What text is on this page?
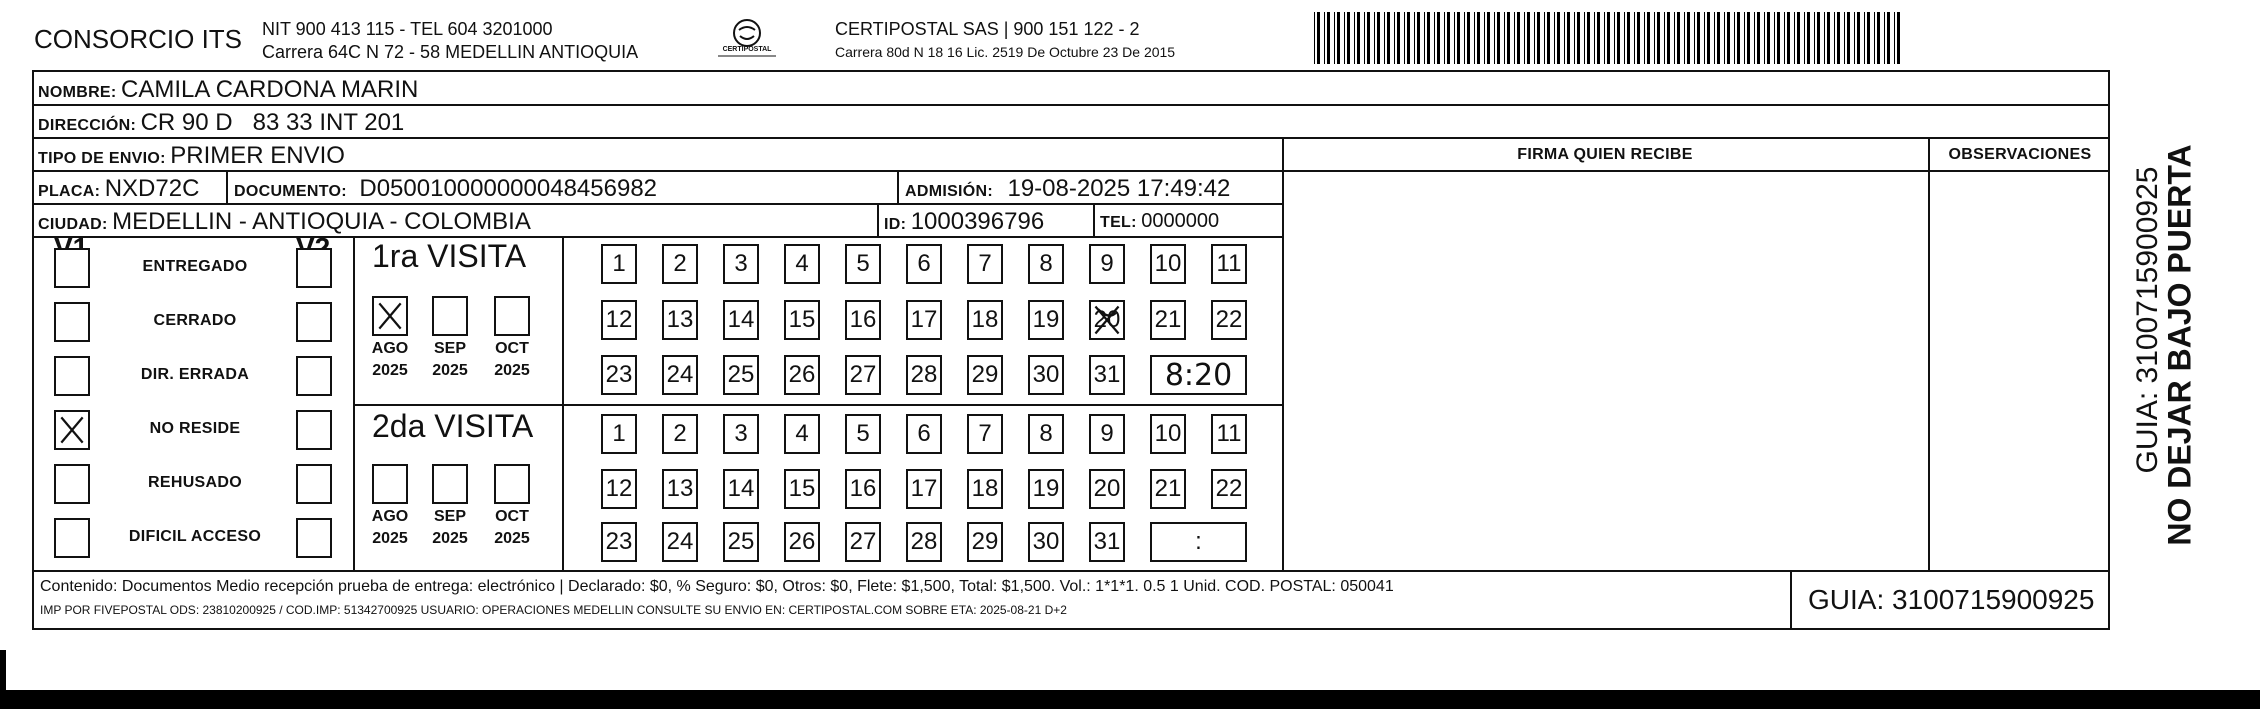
CONSORCIO ITS NIT 900 413 115 - TEL 604 3201000
Carrera 64C N 72 - 58 MEDELLIN ANTIOQUIA	CERTIPOSTAL
CERTIPOSTAL SAS | 900 151 122 - 2
Carrera 80d N 18 16 Lic. 2519 De Octubre 23 De 2015
NOMBRE: CAMILA CARDONA MARIN
DIRECCIÓN: CR 90 D   83 33 INT 201
TIPO DE ENVIO: PRIMER ENVIO
PLACA: NXD72C DOCUMENTO: D050010000000048456982	ADMISIÓN: 19-08-2025 17:49:42
CIUDAD: MEDELLIN - ANTIOQUIA - COLOMBIA	ID: 1000396796	TEL: 0000000
FIRMA QUIEN RECIBE	OBSERVACIONES
ENTREGADO
CERRADO
DIR. ERRADA
NO RESIDE
REHUSADO
DIFICIL ACCESO
1ra VISITA
2da VISITA
1	2	3	4	5	6	7	8	9	10 11
12 13 14 15 16 17 18 19 20 21 22
23 24 25 26 27 28 29 30 31	8:20
AGO
2025
SEP
2025
OCT
2025
1	2	3	4	5	6	7	8	9	10 11
12 13 14 15 16 17 18 19 20 21 22
23 24 25 26 27 28 29 30 31	:
AGO
2025
SEP
2025
OCT
2025
Contenido: Documentos Medio recepción prueba de entrega: electrónico | Declarado: $0, % Seguro: $0, Otros: $0, Flete: $1,500, Total: $1,500. Vol.: 1*1*1. 0.5 1 Unid. COD. POSTAL: 050041
IMP POR FIVEPOSTAL ODS: 23810200925 / COD.IMP: 51342700925 USUARIO: OPERACIONES MEDELLIN CONSULTE SU ENVIO EN: CERTIPOSTAL.COM SOBRE ETA: 2025-08-21 D+2	GUIA: 3100715900925
NO DEJAR BAJO PUERTA
GUIA: 3100715900925
